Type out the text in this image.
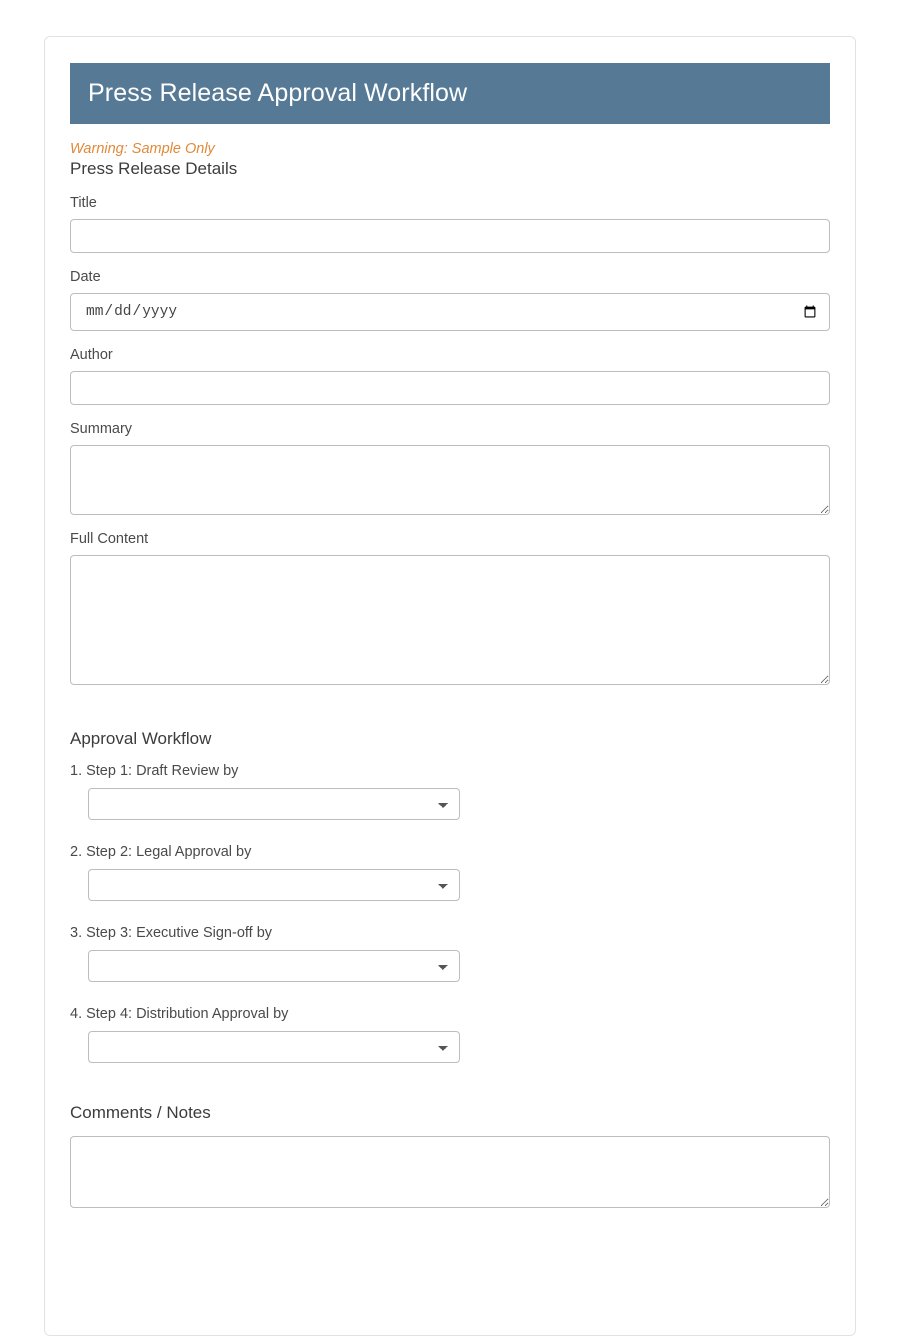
Press Release Approval Workflow
Warning: Sample Only
Press Release Details
Title
Date
mm/dd/yyyy
Author
Summary
Full Content
Approval Workflow
1. Step 1: Draft Review by
2. Step 2: Legal Approval by
3. Step 3: Executive Sign-off by
4. Step 4: Distribution Approval by
Comments / Notes
